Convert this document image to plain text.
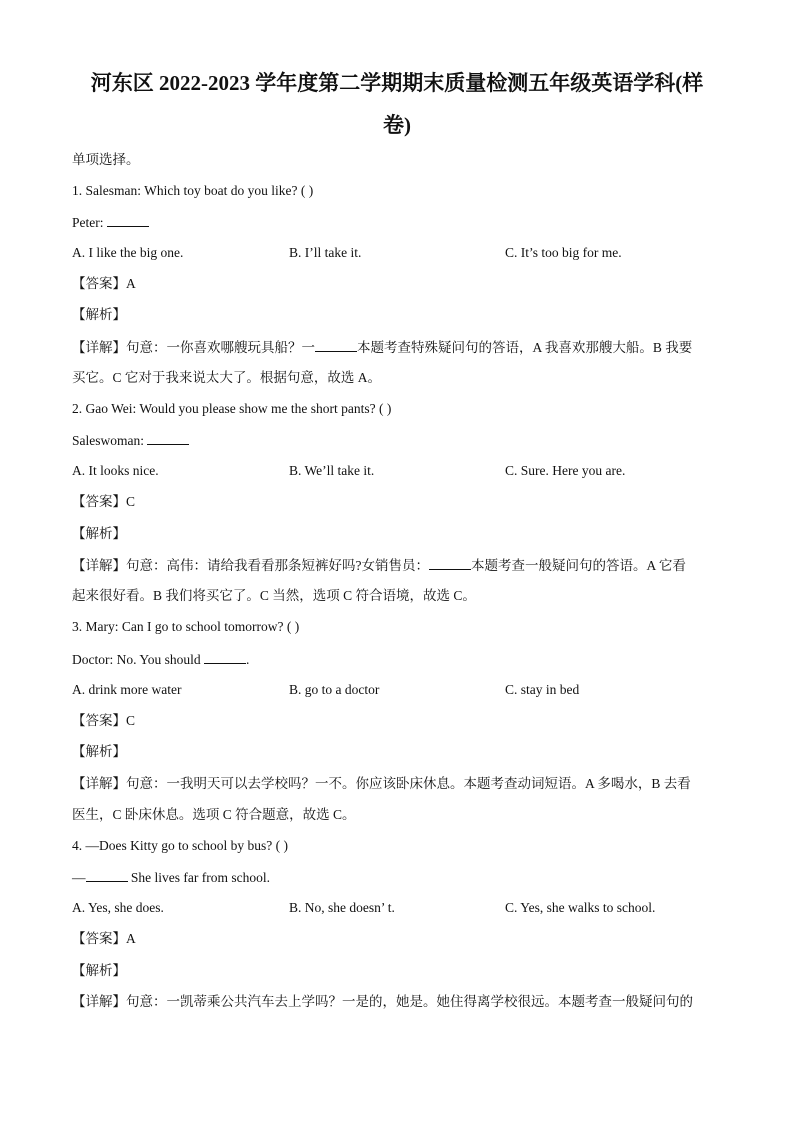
河东区 2022-2023 学年度第二学期期末质量检测五年级英语学科(样
卷)
单项选择。
1. Salesman: Which toy boat do you like? ( )
Peter:
A. I like the big one.	B. I’ll take it.	C. It’s too big for me.
【答案】A
【解析】
【详解】句意：一你喜欢哪艘玩具船？一	本题考查特殊疑问句的答语，A 我喜欢那艘大船。B 我要
买它。C 它对于我来说太大了。根据句意，故选 A。
2. Gao Wei: Would you please show me the short pants? ( )
Saleswoman:
A. It looks nice.	B. We’ll take it.	C. Sure. Here you are.
【答案】C
【解析】
【详解】句意：高伟：请给我看看那条短裤好吗?女销售员：	本题考查一般疑问句的答语。A 它看
起来很好看。B 我们将买它了。C 当然，选项 C 符合语境，故选 C。
3. Mary: Can I go to school tomorrow? ( )
Doctor: No. You should	.
A. drink more water	B. go to a doctor	C. stay in bed
【答案】C
【解析】
【详解】句意：一我明天可以去学校吗？一不。你应该卧床休息。本题考查动词短语。A 多喝水，B 去看
医生，C 卧床休息。选项 C 符合题意，故选 C。
4. —Does Kitty go to school by bus? ( )
—	She lives far from school.
A. Yes, she does.	B. No, she doesn’ t.	C. Yes, she walks to school.
【答案】A
【解析】
【详解】句意：一凯蒂乘公共汽车去上学吗？一是的，她是。她住得离学校很远。本题考查一般疑问句的
